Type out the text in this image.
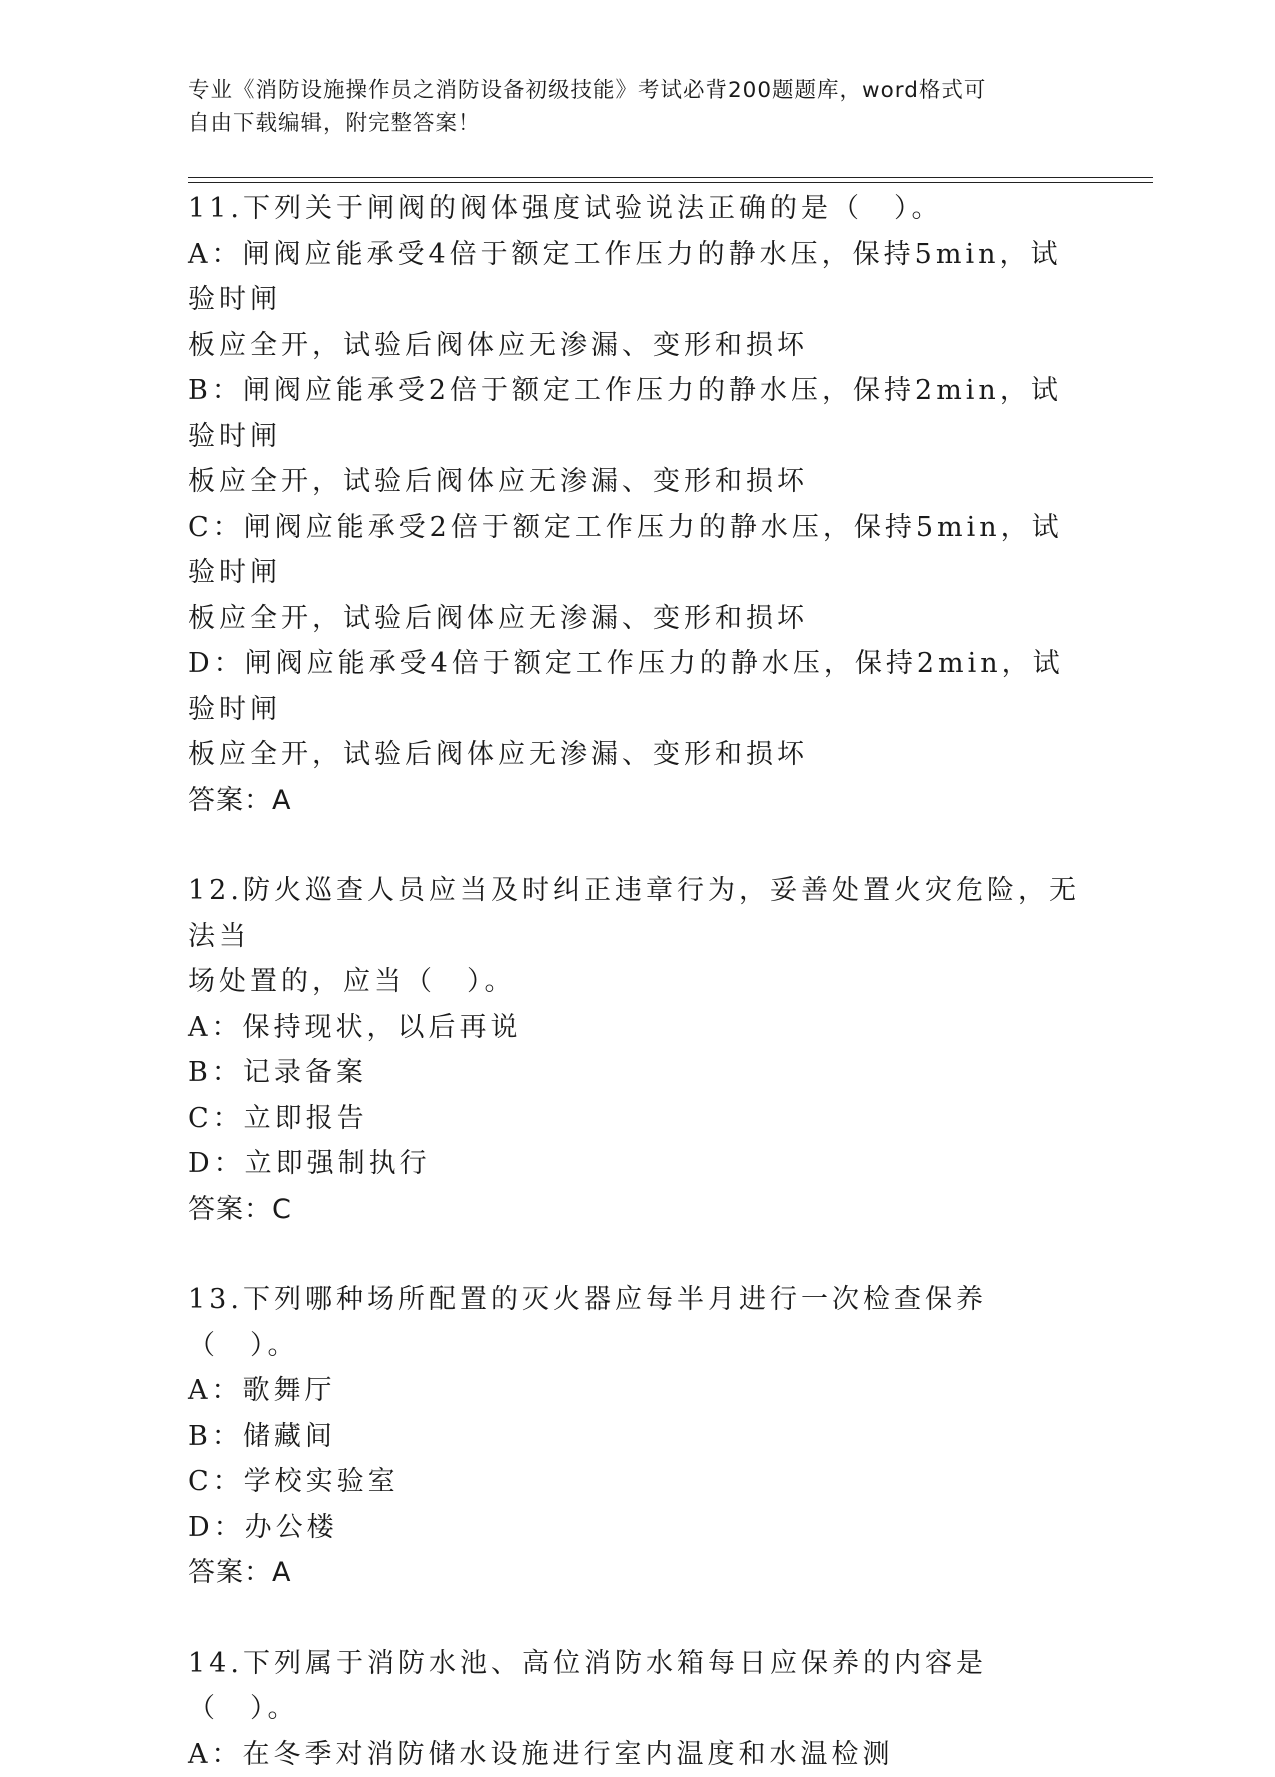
专业《消防设施操作员之消防设备初级技能》考试必背200题题库，word格式可
自由下载编辑，附完整答案！
11.下列关于闸阀的阀体强度试验说法正确的是（　）。
A：闸阀应能承受4倍于额定工作压力的静水压，保持5min，试验时闸
板应全开，试验后阀体应无渗漏、变形和损坏
B：闸阀应能承受2倍于额定工作压力的静水压，保持2min，试验时闸
板应全开，试验后阀体应无渗漏、变形和损坏
C：闸阀应能承受2倍于额定工作压力的静水压，保持5min，试验时闸
板应全开，试验后阀体应无渗漏、变形和损坏
D：闸阀应能承受4倍于额定工作压力的静水压，保持2min，试验时闸
板应全开，试验后阀体应无渗漏、变形和损坏
答案：A
12.防火巡查人员应当及时纠正违章行为，妥善处置火灾危险，无法当
场处置的，应当（　）。
A：保持现状，以后再说
B：记录备案
C：立即报告
D：立即强制执行
答案：C
13.下列哪种场所配置的灭火器应每半月进行一次检查保养（　）。
A：歌舞厅
B：储藏间
C：学校实验室
D：办公楼
答案：A
14.下列属于消防水池、高位消防水箱每日应保养的内容是（　）。
A：在冬季对消防储水设施进行室内温度和水温检测
